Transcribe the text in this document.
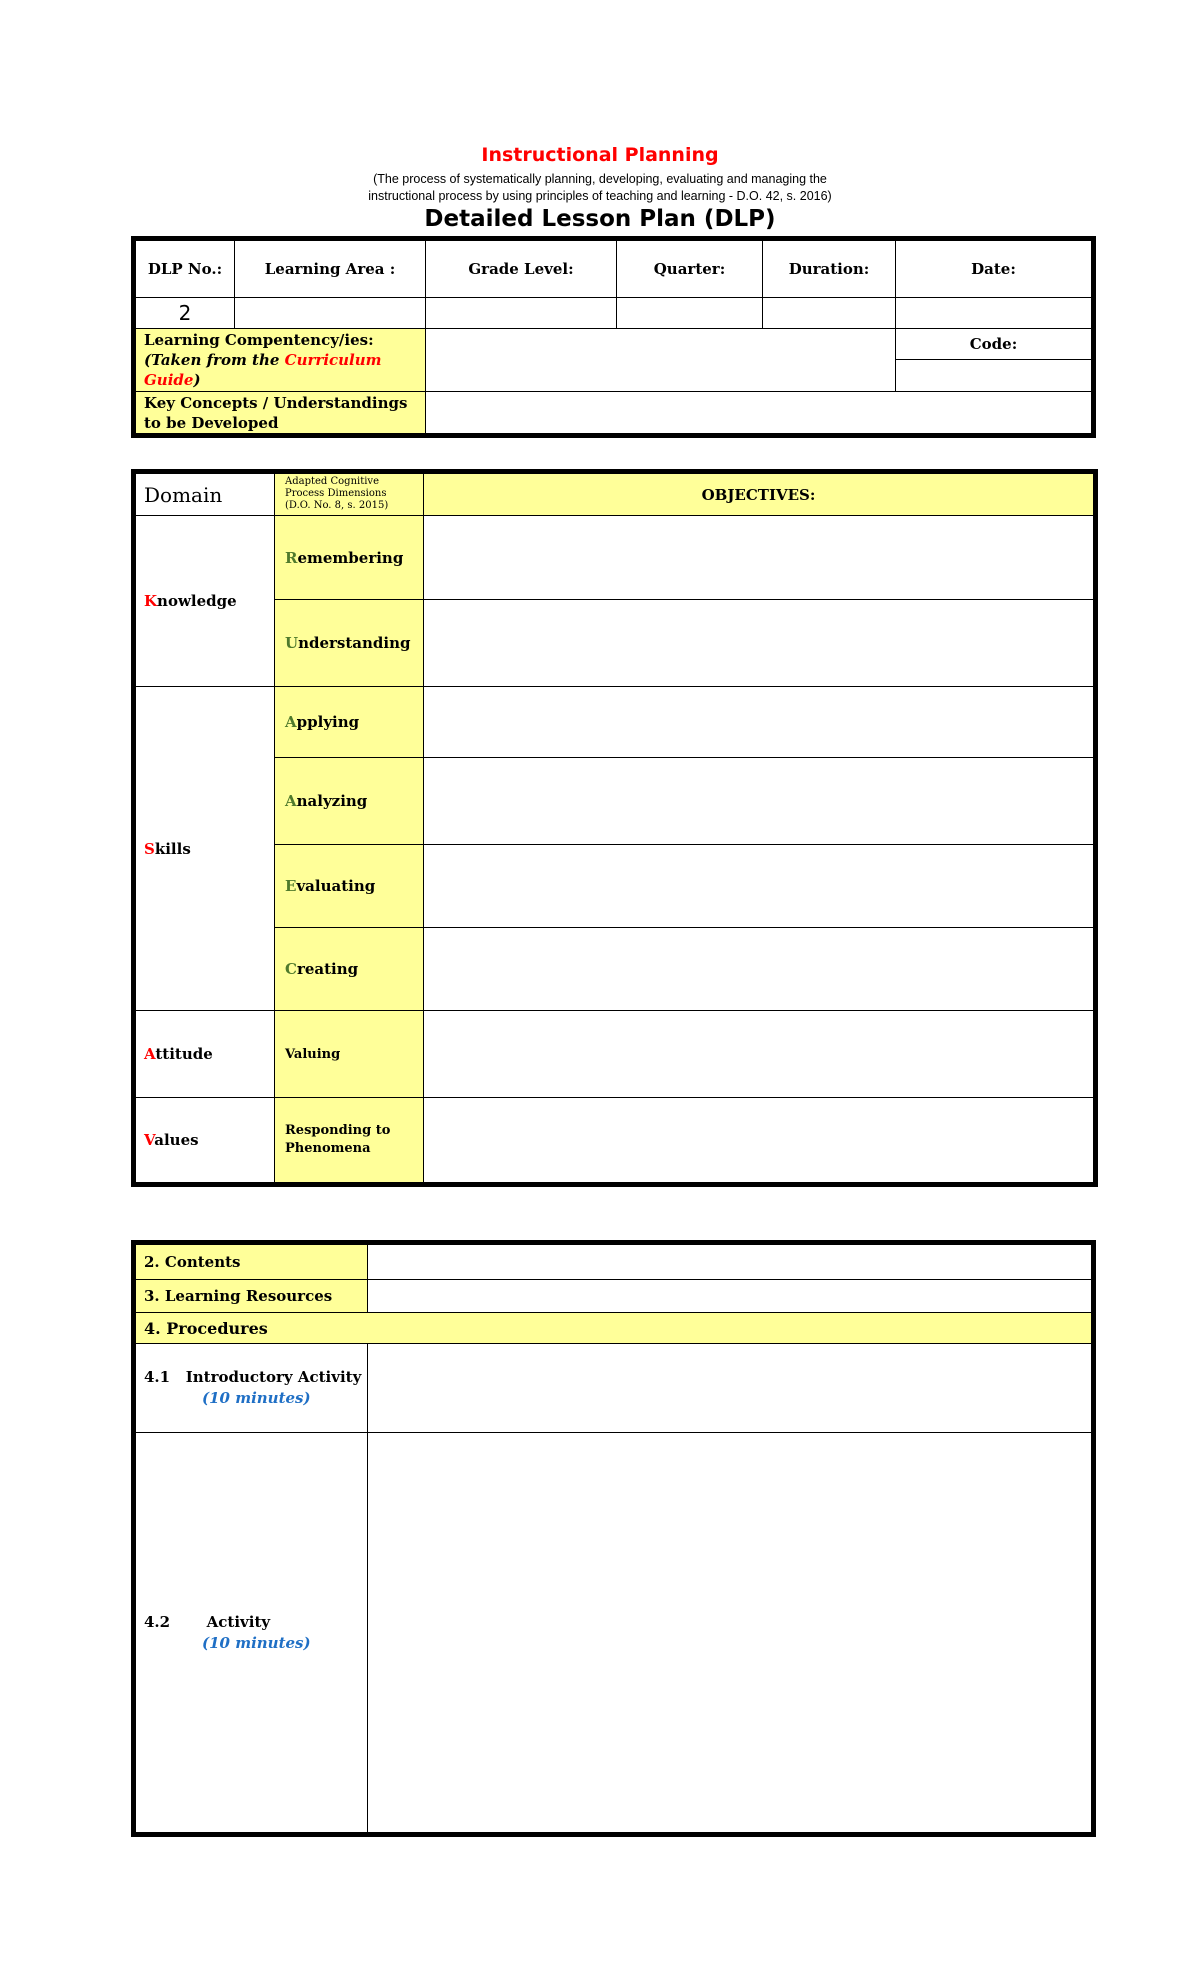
Instructional Planning
(The process of systematically planning, developing, evaluating and managing the
instructional process by using principles of teaching and learning - D.O. 42, s. 2016)
Detailed Lesson Plan (DLP)
DLP No.:	Learning Area :	Grade Level:	Quarter:	Duration:	Date:
2					

Learning Compentency/ies:
(Taken from the Curriculum
Guide)					Code:

Key Concepts / Understandings
to be Developed					

Domain	Adapted Cognitive
Process Dimensions
(D.O. No. 8, s. 2015)	OBJECTIVES:
Knowledge	Remembering	
	Understanding	
Skills	Applying	
	Analyzing	
	Evaluating	
	Creating	
Attitude	Valuing	
Values	Responding to Phenomena	
2. Contents	
3. Learning Resources	
4. Procedures	

4.1   Introductory Activity
(10 minutes)	

4.2       Activity
(10 minutes)	
